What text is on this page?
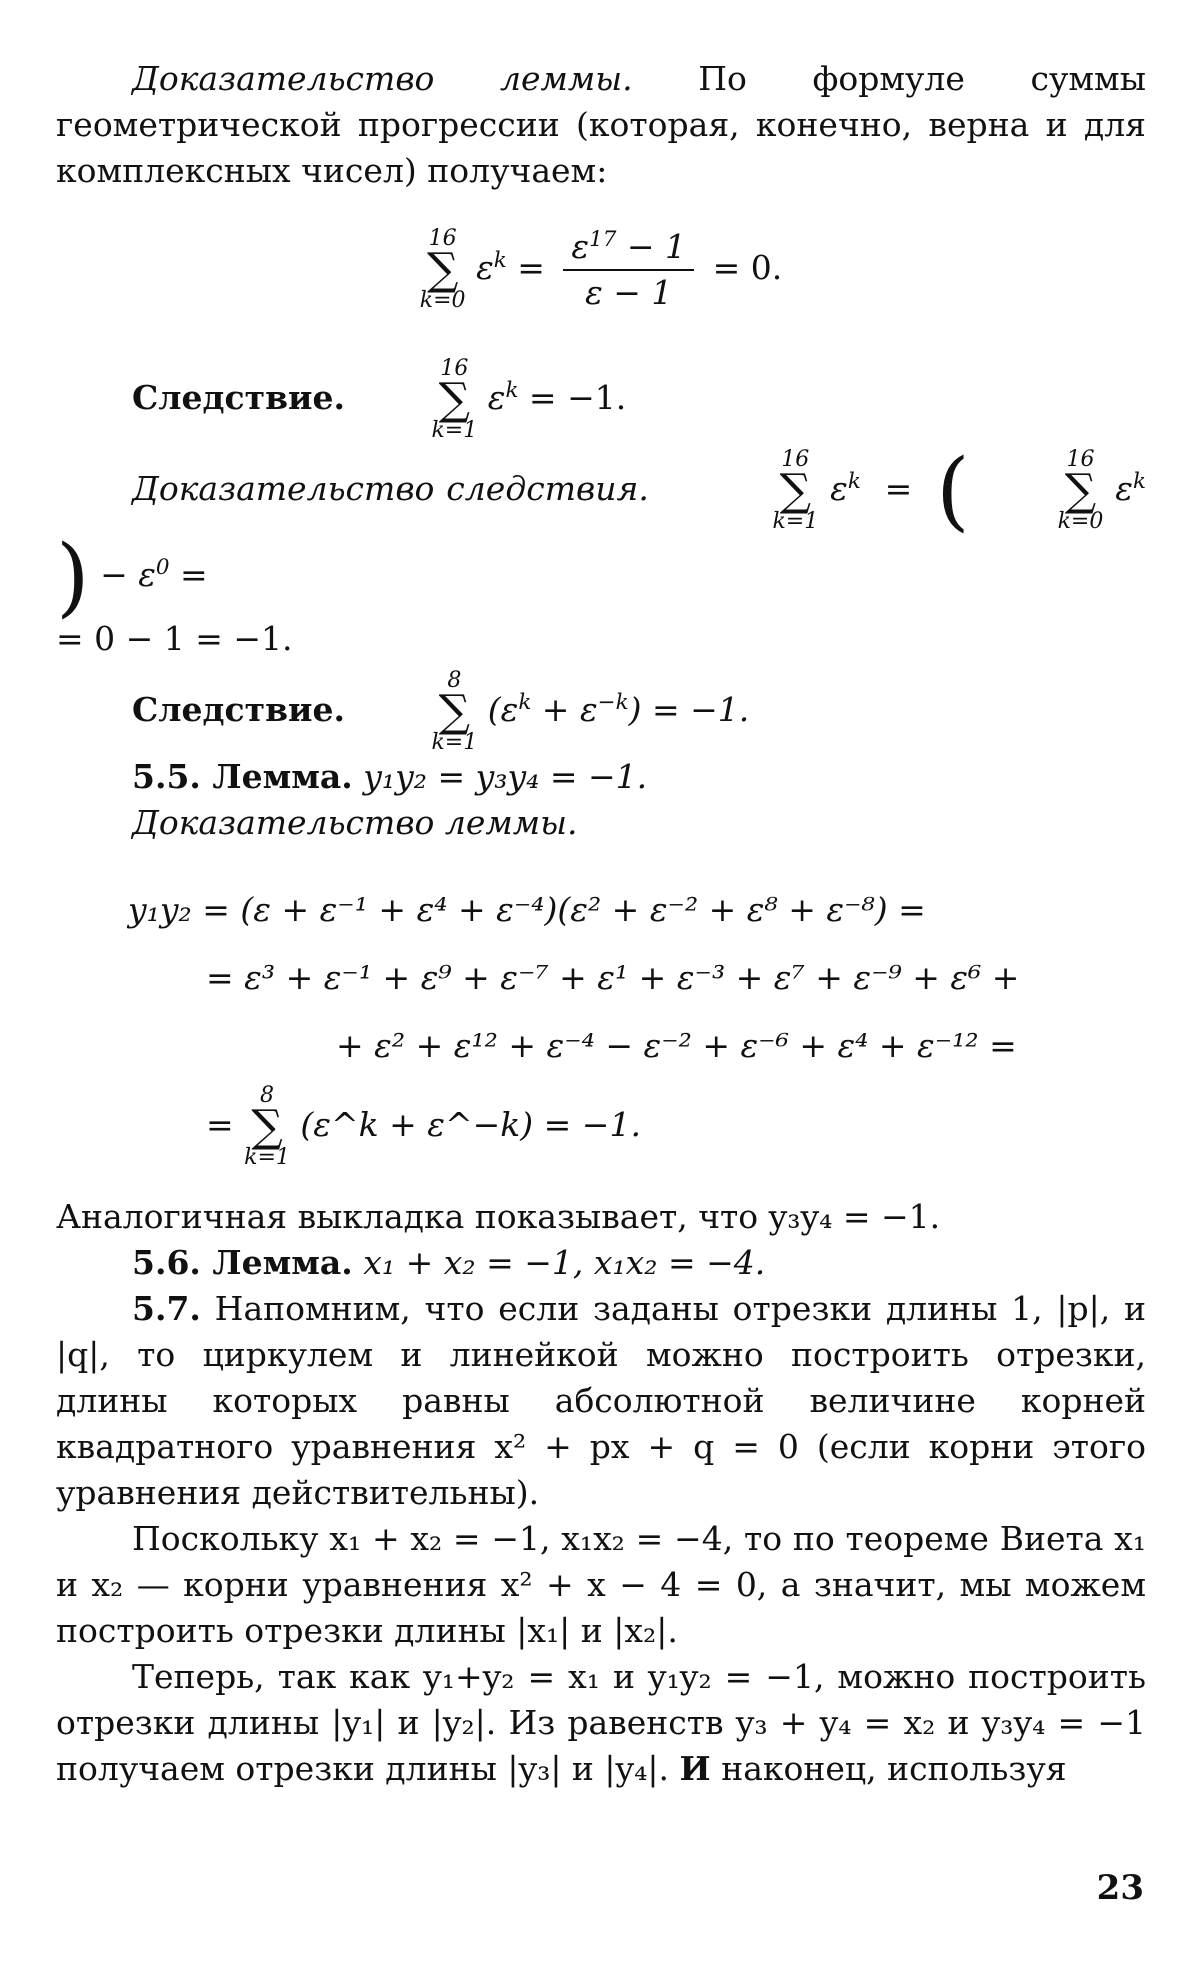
Доказательство леммы. По формуле суммы геометрической прогрессии (которая, конечно, верна и для комплексных чисел) получаем:

16
∑
k=0
$\varepsilon^k = \frac{\varepsilon^{17} - 1}{\varepsilon - 1} = 0$.

Следствие.
16
∑
k=1
$\varepsilon^k = -1$.

Доказательство следствия.
16
∑
k=1
$\varepsilon^k$  =  (	16
∑
k=0
$\varepsilon^k$ ) − $\varepsilon^0$ =

= 0 − 1 = −1.

Следствие.
8
∑
k=1
$(\varepsilon^k + \varepsilon^{-k}) = -1$.

5.5. Лемма. y₁y₂ = y₃y₄ = −1.

Доказательство леммы.

y₁y₂ = (ε + ε⁻¹ + ε⁴ + ε⁻⁴)(ε² + ε⁻² + ε⁸ + ε⁻⁸) =
= ε³ + ε⁻¹ + ε⁹ + ε⁻⁷ + ε¹ + ε⁻³ + ε⁷ + ε⁻⁹ + ε⁶ +
+ ε² + ε¹² + ε⁻⁴ − ε⁻² + ε⁻⁶ + ε⁴ + ε⁻¹² =
=
8
∑
k=1
(ε^k + ε^−k) = −1.

Аналогичная выкладка показывает, что y₃y₄ = −1.

5.6. Лемма. x₁ + x₂ = −1, x₁x₂ = −4.

5.7. Напомним, что если заданы отрезки длины 1, |p|, и |q|, то циркулем и линейкой можно построить отрезки, длины которых равны абсолютной величине корней квадратного уравнения x² + px + q = 0 (если корни этого уравнения действительны).

Поскольку x₁ + x₂ = −1, x₁x₂ = −4, то по теореме Виета x₁ и x₂ — корни уравнения x² + x − 4 = 0, а значит, мы можем построить отрезки длины |x₁| и |x₂|.

Теперь, так как y₁+y₂ = x₁ и y₁y₂ = −1, можно построить отрезки длины |y₁| и |y₂|. Из равенств y₃ + y₄ = x₂ и y₃y₄ = −1 получаем отрезки длины |y₃| и |y₄|. И наконец, используя

23
